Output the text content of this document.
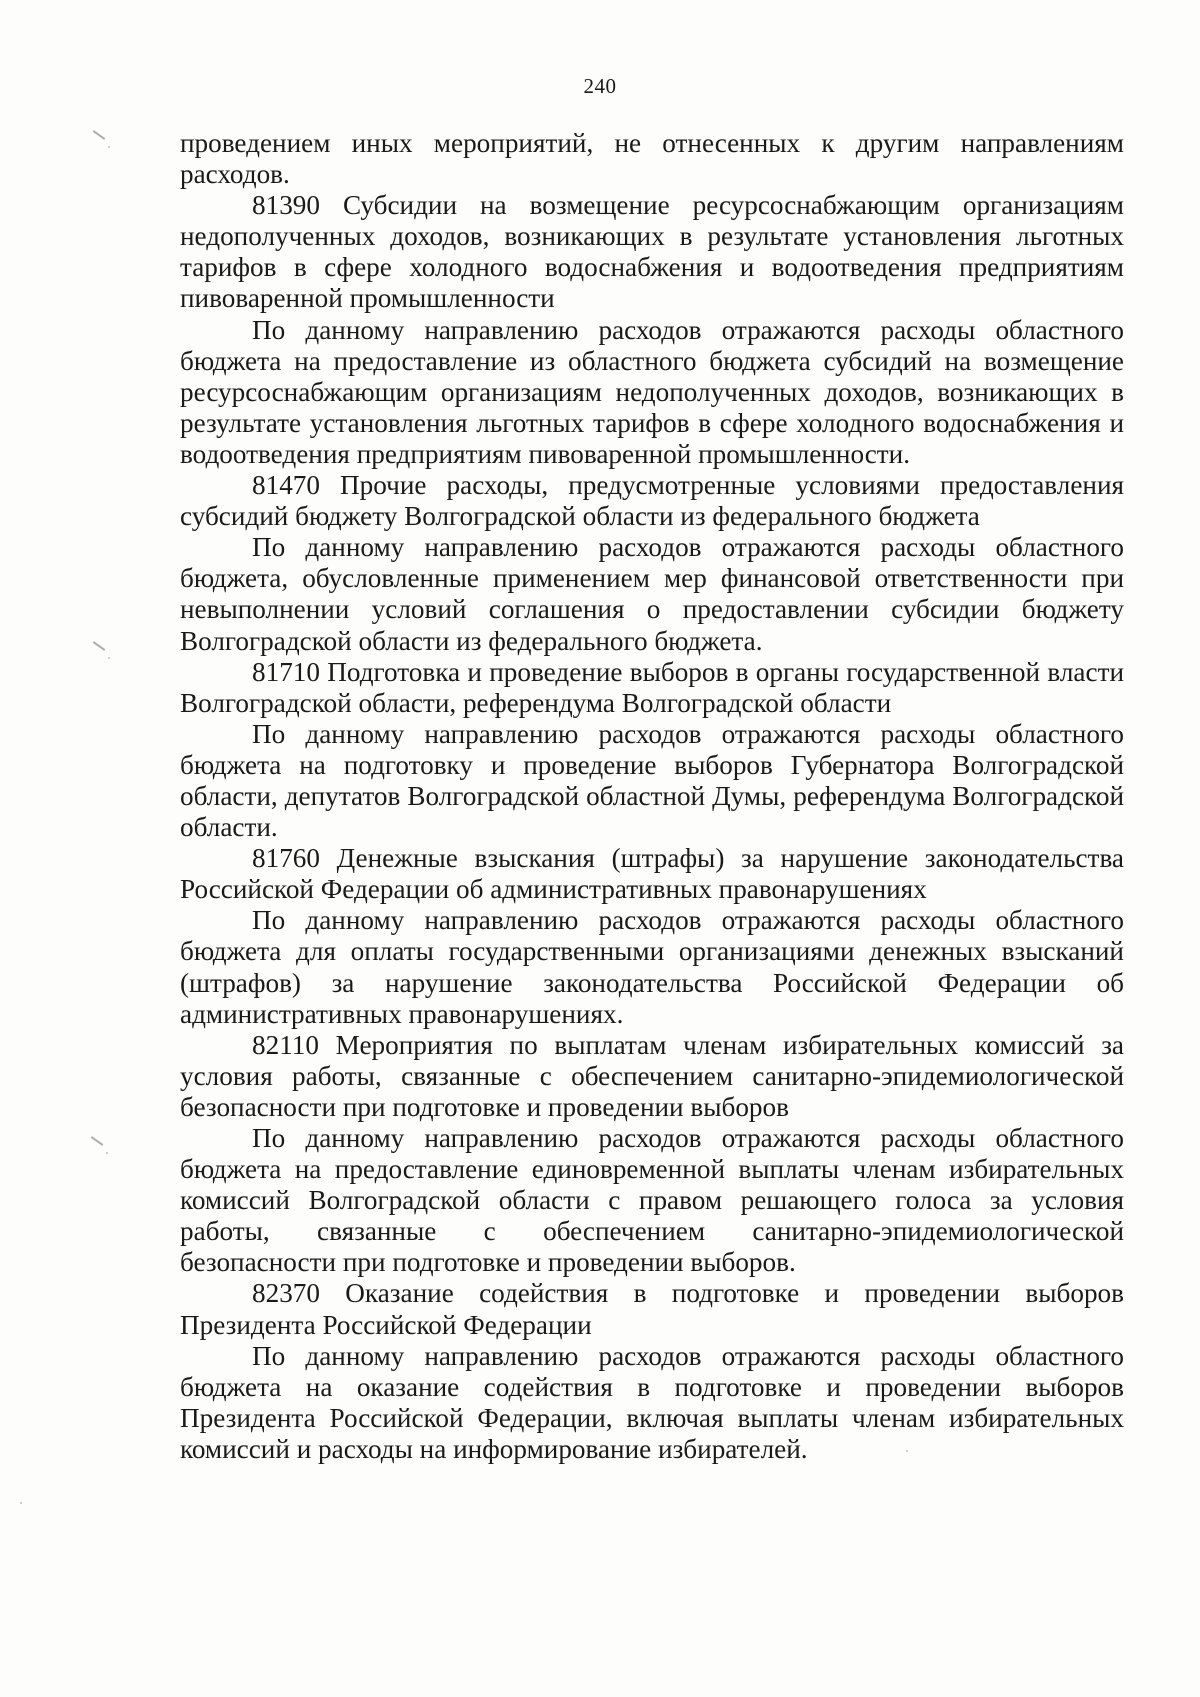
240

проведением иных мероприятий, не отнесенных к другим направлениям расходов.

81390 Субсидии на возмещение ресурсоснабжающим организациям недополученных доходов, возникающих в результате установления льготных тарифов в сфере холодного водоснабжения и водоотведения предприятиям пивоваренной промышленности

По данному направлению расходов отражаются расходы областного бюджета на предоставление из областного бюджета субсидий на возмещение ресурсоснабжающим организациям недополученных доходов, возникающих в результате установления льготных тарифов в сфере холодного водоснабжения и водоотведения предприятиям пивоваренной промышленности.

81470 Прочие расходы, предусмотренные условиями предоставления субсидий бюджету Волгоградской области из федерального бюджета

По данному направлению расходов отражаются расходы областного бюджета, обусловленные применением мер финансовой ответственности при невыполнении условий соглашения о предоставлении субсидии бюджету Волгоградской области из федерального бюджета.

81710 Подготовка и проведение выборов в органы государственной власти Волгоградской области, референдума Волгоградской области

По данному направлению расходов отражаются расходы областного бюджета на подготовку и проведение выборов Губернатора Волгоградской области, депутатов Волгоградской областной Думы, референдума Волгоградской области.

81760 Денежные взыскания (штрафы) за нарушение законодательства Российской Федерации об административных правонарушениях

По данному направлению расходов отражаются расходы областного бюджета для оплаты государственными организациями денежных взысканий (штрафов) за нарушение законодательства Российской Федерации об административных правонарушениях.

82110 Мероприятия по выплатам членам избирательных комиссий за условия работы, связанные с обеспечением санитарно-эпидемиологической безопасности при подготовке и проведении выборов

По данному направлению расходов отражаются расходы областного бюджета на предоставление единовременной выплаты членам избирательных комиссий Волгоградской области с правом решающего голоса за условия работы, связанные с обеспечением санитарно-эпидемиологической безопасности при подготовке и проведении выборов.

82370 Оказание содействия в подготовке и проведении выборов Президента Российской Федерации

По данному направлению расходов отражаются расходы областного бюджета на оказание содействия в подготовке и проведении выборов Президента Российской Федерации, включая выплаты членам избирательных комиссий и расходы на информирование избирателей.
